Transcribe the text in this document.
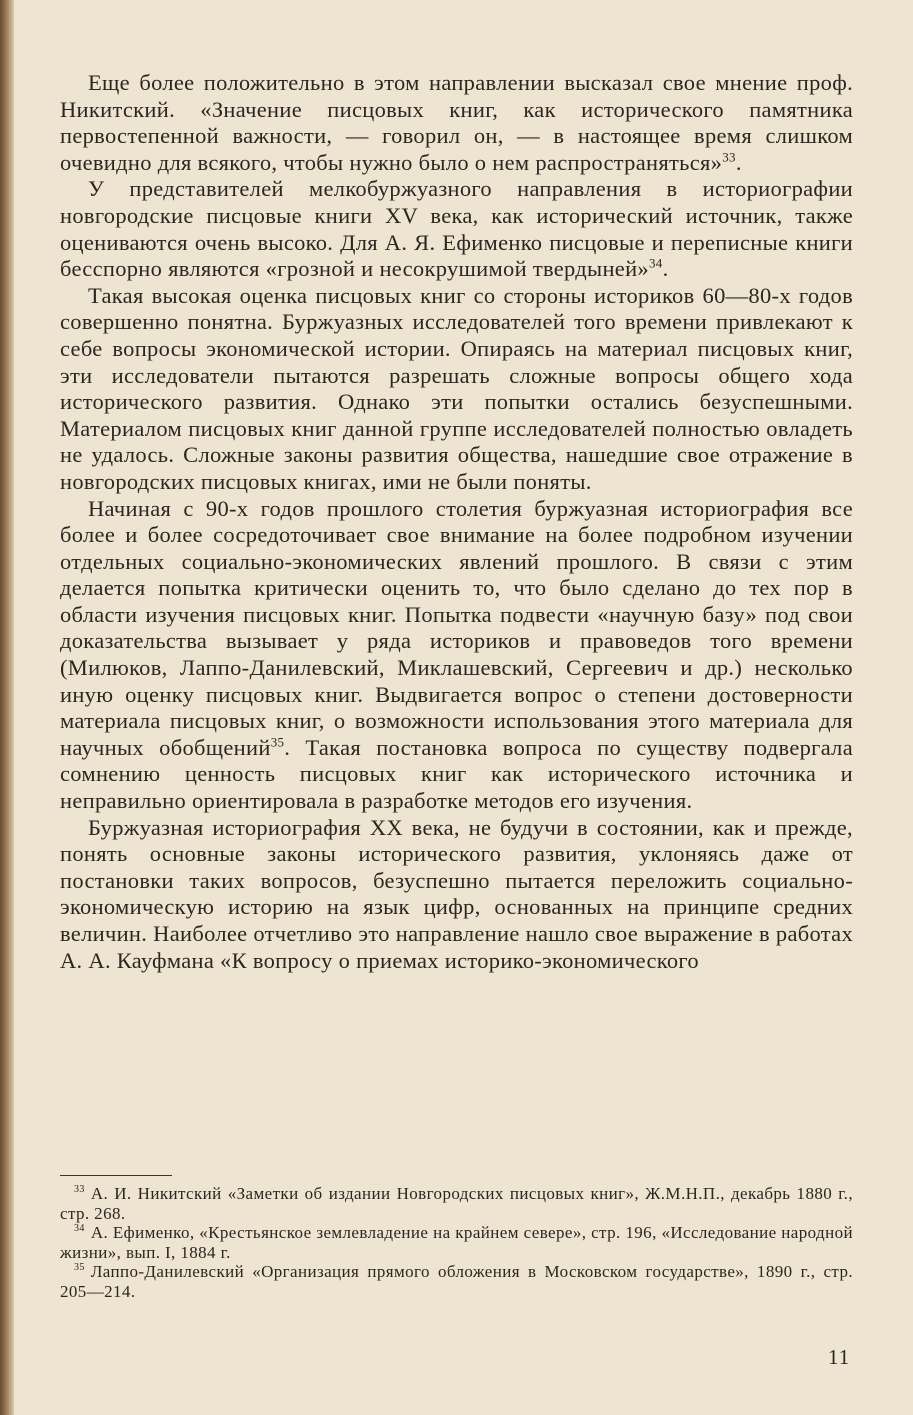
Еще более положительно в этом направлении высказал свое мнение проф. Никитский. «Значение писцовых книг, как исторического памятника первостепенной важности, — говорил он, — в настоящее время слишком очевидно для всякого, чтобы нужно было о нем распространяться»$^{33}$.

У представителей мелкобуржуазного направления в историографии новгородские писцовые книги XV века, как исторический источник, также оцениваются очень высоко. Для А. Я. Ефименко писцовые и переписные книги бесспорно являются «грозной и несокрушимой твердыней»$^{34}$.

Такая высокая оценка писцовых книг со стороны историков 60—80-х годов совершенно понятна. Буржуазных исследователей того времени привлекают к себе вопросы экономической истории. Опираясь на материал писцовых книг, эти исследователи пытаются разрешать сложные вопросы общего хода исторического развития. Однако эти попытки остались безуспешными. Материалом писцовых книг данной группе исследователей полностью овладеть не удалось. Сложные законы развития общества, нашедшие свое отражение в новгородских писцовых книгах, ими не были поняты.

Начиная с 90-х годов прошлого столетия буржуазная историография все более и более сосредоточивает свое внимание на более подробном изучении отдельных социально-экономических явлений прошлого. В связи с этим делается попытка критически оценить то, что было сделано до тех пор в области изучения писцовых книг. Попытка подвести «научную базу» под свои доказательства вызывает у ряда историков и правоведов того времени (Милюков, Лаппо-Данилевский, Миклашевский, Сергеевич и др.) несколько иную оценку писцовых книг. Выдвигается вопрос о степени достоверности материала писцовых книг, о возможности использования этого материала для научных обобщений$^{35}$. Такая постановка вопроса по существу подвергала сомнению ценность писцовых книг как исторического источника и неправильно ориентировала в разработке методов его изучения.

Буржуазная историография XX века, не будучи в состоянии, как и прежде, понять основные законы исторического развития, уклоняясь даже от постановки таких вопросов, безуспешно пытается переложить социально-экономическую историю на язык цифр, основанных на принципе средних величин. Наиболее отчетливо это направление нашло свое выражение в работах А. А. Кауфмана «К вопросу о приемах историко-экономического

$^{33}$ А. И. Никитский «Заметки об издании Новгородских писцовых книг», Ж.М.Н.П., декабрь 1880 г., стр. 268.

$^{34}$ А. Ефименко, «Крестьянское землевладение на крайнем севере», стр. 196, «Исследование народной жизни», вып. I, 1884 г.

$^{35}$ Лаппо-Данилевский «Организация прямого обложения в Московском государстве», 1890 г., стр. 205—214.

11
